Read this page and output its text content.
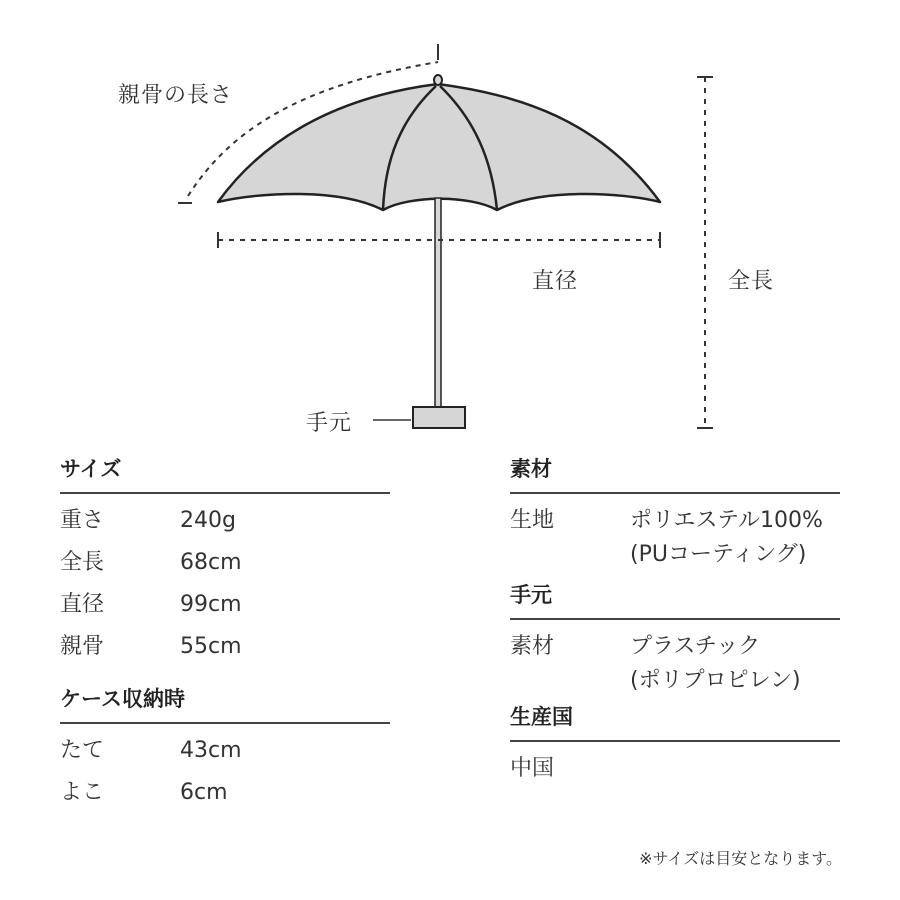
親骨の長さ
直径	全長
手元
サイズ
重さ	240g
全長	68cm
直径	99cm
親骨	55cm
ケース収納時
たて	43cm
よこ	6cm
素材
生地	ポリエステル100%
(PUコーティング)
手元
素材	プラスチック
(ポリプロピレン)
生産国
中国
※サイズは目安となります。
